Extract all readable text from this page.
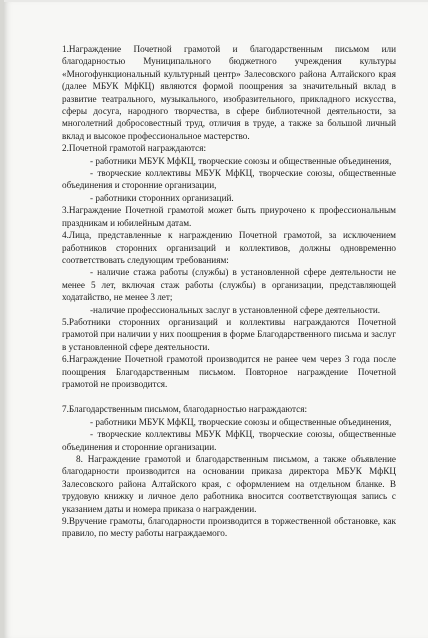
1.Награждение Почетной грамотой и благодарственным письмом или благодарностью Муниципального бюджетного учреждения культуры «Многофункциональный культурный центр» Залесовского района Алтайского края (далее МБУК МфКЦ) являются формой поощрения за значительный вклад в развитие театрального, музыкального, изобразительного, прикладного искусства, сферы досуга, народного творчества, в сфере библиотечной деятельности, за многолетний добросовестный труд, отличия в труде, а также за большой личный вклад и высокое профессиональное мастерство.

2.Почетной грамотой награждаются:

- работники МБУК МфКЦ, творческие союзы и общественные объединения,

- творческие коллективы МБУК МфКЦ, творческие союзы, общественные объединения и сторонние организации,

- работники сторонних организаций.

3.Награждение Почетной грамотой может быть приурочено к профессиональным праздникам и юбилейным датам.

4.Лица, представленные к награждению Почетной грамотой, за исключением работников сторонних организаций и коллективов, должны одновременно соответствовать следующим требованиям:

- наличие стажа работы (службы) в установленной сфере деятельности не менее 5 лет, включая стаж работы (службы) в организации, представляющей ходатайство, не менее 3 лет;

-наличие профессиональных заслуг в установленной сфере деятельности.

5.Работники сторонних организаций и коллективы награждаются Почетной грамотой при наличии у них поощрения в форме Благодарственного письма и заслуг в установленной сфере деятельности.

6.Награждение Почетной грамотой производится не ранее чем через 3 года после поощрения Благодарственным письмом. Повторное награждение Почетной грамотой не производится.

7.Благодарственным письмом, благодарностью награждаются:

- работники МБУК МфКЦ, творческие союзы и общественные объединения,

- творческие коллективы МБУК МфКЦ, творческие союзы, общественные объединения и сторонние организации.

8. Награждение грамотой и благодарственным письмом, а также объявление благодарности производится на основании приказа директора МБУК МфКЦ Залесовского района Алтайского края, с оформлением на отдельном бланке. В трудовую книжку и личное дело работника вносится соответствующая запись с указанием даты и номера приказа о награждении.

9.Вручение грамоты, благодарности производится в торжественной обстановке, как правило, по месту работы награждаемого.
